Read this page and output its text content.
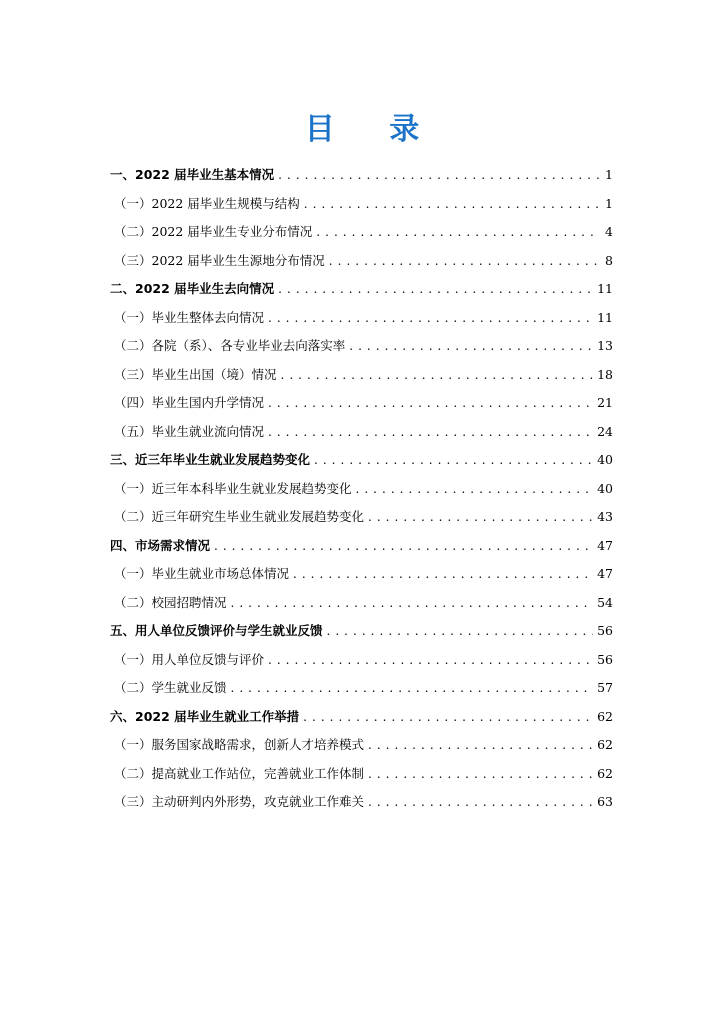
目 录
一、2022 届毕业生基本情况 . . .	1
（一）2022 届毕业生规模与结构 . . .	1
（二）2022 届毕业生专业分布情况 . . .	4
（三）2022 届毕业生生源地分布情况 . . .	8
二、2022 届毕业生去向情况 . . .	11
（一）毕业生整体去向情况 . . .	11
（二）各院（系）、各专业毕业去向落实率 . . .	13
（三）毕业生出国（境）情况 . . .	18
（四）毕业生国内升学情况 . . .	21
（五）毕业生就业流向情况 . . .	24
三、近三年毕业生就业发展趋势变化 . . .	40
（一）近三年本科毕业生就业发展趋势变化 . . .	40
（二）近三年研究生毕业生就业发展趋势变化 . . .	43
四、市场需求情况 . . .	47
（一）毕业生就业市场总体情况 . . .	47
（二）校园招聘情况 . . .	54
五、用人单位反馈评价与学生就业反馈 . . .	56
（一）用人单位反馈与评价 . . .	56
（二）学生就业反馈 . . .	57
六、2022 届毕业生就业工作举措 . . .	62
（一）服务国家战略需求，创新人才培养模式 . . .	62
（二）提高就业工作站位，完善就业工作体制 . . .	62
（三）主动研判内外形势，攻克就业工作难关 . . .	63
